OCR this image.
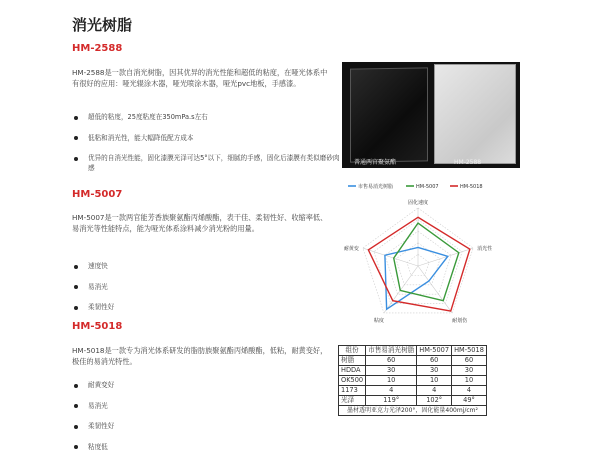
消光树脂
HM-2588
HM-2588是一款自消光树脂，因其优异的消光性能和超低的粘度，在哑光体系中有很好的应用：哑光辊涂木器，哑光喷涂木器，哑光pvc地板，手感漆。
超低的粘度，25度粘度在350mPa.s左右
低粘和消光性，能大幅降低配方成本
优异的自消光性能，固化漆膜光泽可达5°以下，细腻的手感，固化后漆膜有类似磨砂肉感
普通两官聚氨酯	HM-2588
HM-5007
HM-5007是一款两官能芳香族聚氨酯丙烯酸酯，表干佳、柔韧性好、收缩率低、易消光等性能特点，能为哑光体系涂料减少消光粉的用量。
速度快
易消光
柔韧性好
HM-5018
HM-5018是一款专为消光体系研发的脂肪族聚氨酯丙烯酸酯，低粘，耐黄变好，极佳的易消光特性。
耐黄变好
易消光
柔韧性好
粘度低
固化速度
消光性
耐划伤
粘度
耐黄变
市售易消光树脂	HM-5007	HM-5018
组份	市售易消光树脂	HM-5007	HM-5018
树脂	60	60	60
HDDA	30	30	30
OK500	10	10	10
1173	4	4	4
光泽	119°	102°	49°
墨材透明亚克力光泽200°，固化能量400mj/cm²			
